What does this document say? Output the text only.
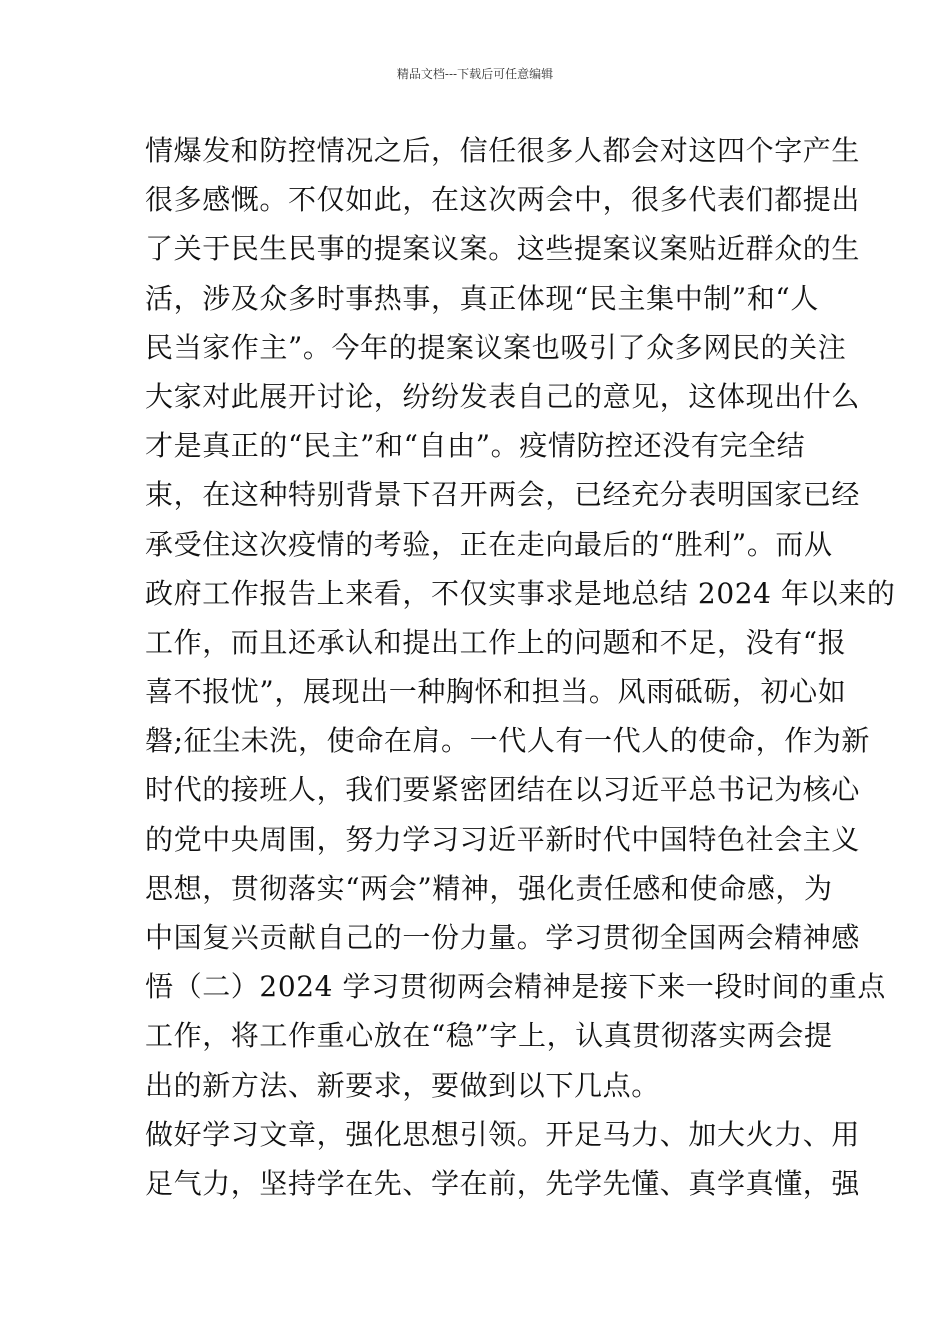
精品文档---下载后可任意编辑
情爆发和防控情况之后，信任很多人都会对这四个字产生
很多感慨。不仅如此，在这次两会中，很多代表们都提出
了关于民生民事的提案议案。这些提案议案贴近群众的生
活，涉及众多时事热事，真正体现“民主集中制”和“人
民当家作主”。今年的提案议案也吸引了众多网民的关注
大家对此展开讨论，纷纷发表自己的意见，这体现出什么
才是真正的“民主”和“自由”。疫情防控还没有完全结
束，在这种特别背景下召开两会，已经充分表明国家已经
承受住这次疫情的考验，正在走向最后的“胜利”。而从
政府工作报告上来看，不仅实事求是地总结 2024 年以来的
工作，而且还承认和提出工作上的问题和不足，没有“报
喜不报忧”，展现出一种胸怀和担当。风雨砥砺，初心如
磐;征尘未洗，使命在肩。一代人有一代人的使命，作为新
时代的接班人，我们要紧密团结在以习近平总书记为核心
的党中央周围，努力学习习近平新时代中国特色社会主义
思想，贯彻落实“两会”精神，强化责任感和使命感，为
中国复兴贡献自己的一份力量。学习贯彻全国两会精神感
悟（二）2024 学习贯彻两会精神是接下来一段时间的重点
工作，将工作重心放在“稳”字上，认真贯彻落实两会提
出的新方法、新要求，要做到以下几点。
做好学习文章，强化思想引领。开足马力、加大火力、用
足气力，坚持学在先、学在前，先学先懂、真学真懂，强
